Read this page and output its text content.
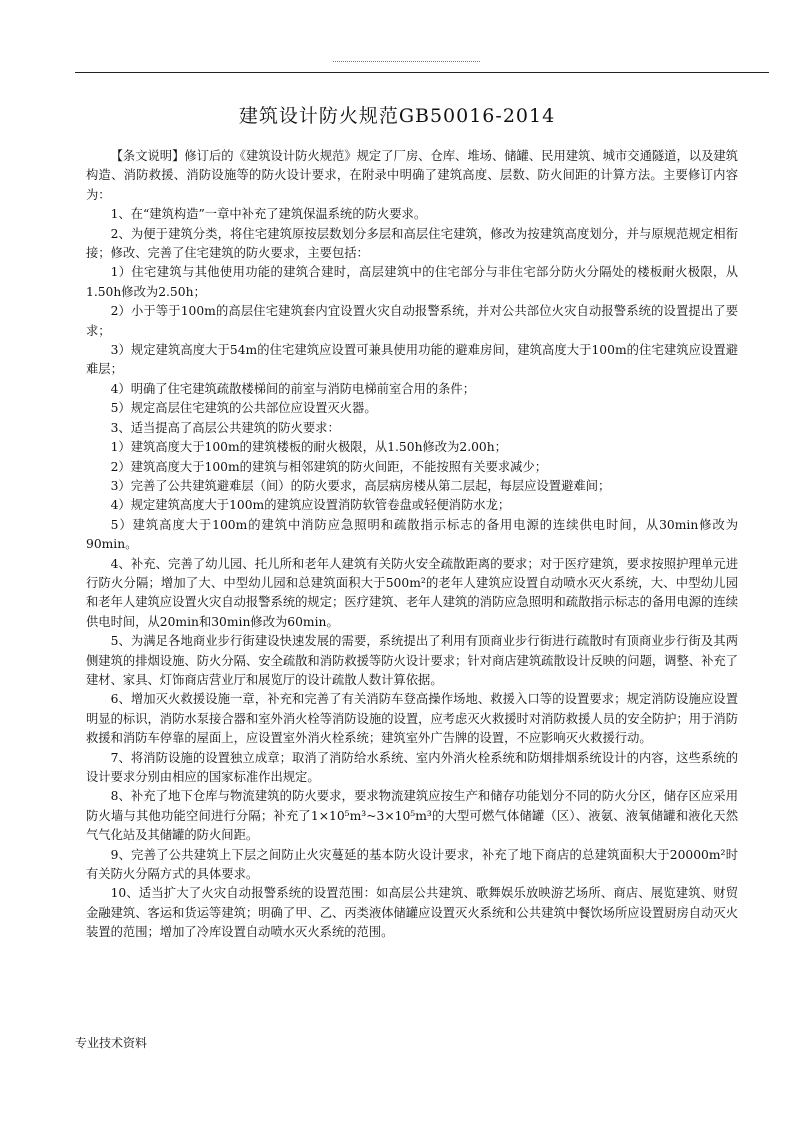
建筑设计防火规范GB50016-2014

【条文说明】修订后的《建筑设计防火规范》规定了厂房、仓库、堆场、储罐、民用建筑、城市交通隧道，以及建筑构造、消防救援、消防设施等的防火设计要求，在附录中明确了建筑高度、层数、防火间距的计算方法。主要修订内容为：

1、在“建筑构造”一章中补充了建筑保温系统的防火要求。

2、为便于建筑分类，将住宅建筑原按层数划分多层和高层住宅建筑，修改为按建筑高度划分，并与原规范规定相衔接；修改、完善了住宅建筑的防火要求，主要包括：

1）住宅建筑与其他使用功能的建筑合建时，高层建筑中的住宅部分与非住宅部分防火分隔处的楼板耐火极限，从1.50h修改为2.50h；

2）小于等于100m的高层住宅建筑套内宜设置火灾自动报警系统，并对公共部位火灾自动报警系统的设置提出了要求；

3）规定建筑高度大于54m的住宅建筑应设置可兼具使用功能的避难房间，建筑高度大于100m的住宅建筑应设置避难层；

4）明确了住宅建筑疏散楼梯间的前室与消防电梯前室合用的条件；

5）规定高层住宅建筑的公共部位应设置灭火器。

3、适当提高了高层公共建筑的防火要求：

1）建筑高度大于100m的建筑楼板的耐火极限，从1.50h修改为2.00h；

2）建筑高度大于100m的建筑与相邻建筑的防火间距，不能按照有关要求减少；

3）完善了公共建筑避难层（间）的防火要求，高层病房楼从第二层起，每层应设置避难间；

4）规定建筑高度大于100m的建筑应设置消防软管卷盘或轻便消防水龙；

5）建筑高度大于100m的建筑中消防应急照明和疏散指示标志的备用电源的连续供电时间，从30min修改为90min。

4、补充、完善了幼儿园、托儿所和老年人建筑有关防火安全疏散距离的要求；对于医疗建筑，要求按照护理单元进行防火分隔；增加了大、中型幼儿园和总建筑面积大于500m²的老年人建筑应设置自动喷水灭火系统，大、中型幼儿园和老年人建筑应设置火灾自动报警系统的规定；医疗建筑、老年人建筑的消防应急照明和疏散指示标志的备用电源的连续供电时间，从20min和30min修改为60min。

5、为满足各地商业步行街建设快速发展的需要，系统提出了利用有顶商业步行街进行疏散时有顶商业步行街及其两侧建筑的排烟设施、防火分隔、安全疏散和消防救援等防火设计要求；针对商店建筑疏散设计反映的问题，调整、补充了建材、家具、灯饰商店营业厅和展览厅的设计疏散人数计算依据。

6、增加灭火救援设施一章，补充和完善了有关消防车登高操作场地、救援入口等的设置要求；规定消防设施应设置明显的标识，消防水泵接合器和室外消火栓等消防设施的设置，应考虑灭火救援时对消防救援人员的安全防护；用于消防救援和消防车停靠的屋面上，应设置室外消火栓系统；建筑室外广告牌的设置，不应影响灭火救援行动。

7、将消防设施的设置独立成章；取消了消防给水系统、室内外消火栓系统和防烟排烟系统设计的内容，这些系统的设计要求分别由相应的国家标准作出规定。

8、补充了地下仓库与物流建筑的防火要求，要求物流建筑应按生产和储存功能划分不同的防火分区，储存区应采用防火墙与其他功能空间进行分隔；补充了1×10⁵m³~3×10⁵m³的大型可燃气体储罐（区）、液氨、液氧储罐和液化天然气气化站及其储罐的防火间距。

9、完善了公共建筑上下层之间防止火灾蔓延的基本防火设计要求，补充了地下商店的总建筑面积大于20000m²时有关防火分隔方式的具体要求。

10、适当扩大了火灾自动报警系统的设置范围：如高层公共建筑、歌舞娱乐放映游艺场所、商店、展览建筑、财贸金融建筑、客运和货运等建筑；明确了甲、乙、丙类液体储罐应设置灭火系统和公共建筑中餐饮场所应设置厨房自动灭火装置的范围；增加了冷库设置自动喷水灭火系统的范围。

专业技术资料
